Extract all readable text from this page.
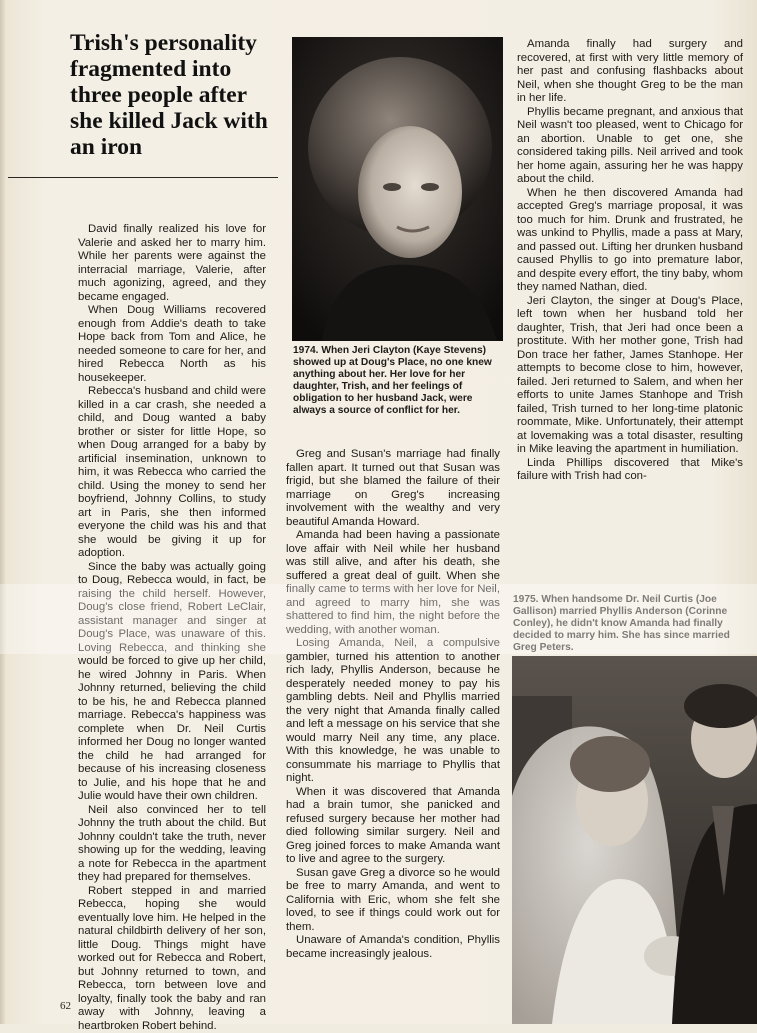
Trish's personality fragmented into three people after she killed Jack with an iron

David finally realized his love for Valerie and asked her to marry him. While her parents were against the interracial marriage, Valerie, after much agonizing, agreed, and they became engaged.

When Doug Williams recovered enough from Addie's death to take Hope back from Tom and Alice, he needed someone to care for her, and hired Rebecca North as his housekeeper.

Rebecca's husband and child were killed in a car crash, she needed a child, and Doug wanted a baby brother or sister for little Hope, so when Doug arranged for a baby by artificial insemination, unknown to him, it was Rebecca who carried the child. Using the money to send her boyfriend, Johnny Collins, to study art in Paris, she then informed everyone the child was his and that she would be giving it up for adoption.

Since the baby was actually going to Doug, Rebecca would, in fact, be raising the child herself. However, Doug's close friend, Robert LeClair, assistant manager and singer at Doug's Place, was unaware of this. Loving Rebecca, and thinking she would be forced to give up her child, he wired Johnny in Paris. When Johnny returned, believing the child to be his, he and Rebecca planned marriage. Rebecca's happiness was complete when Dr. Neil Curtis informed her Doug no longer wanted the child he had arranged for because of his increasing closeness to Julie, and his hope that he and Julie would have their own children.

Neil also convinced her to tell Johnny the truth about the child. But Johnny couldn't take the truth, never showing up for the wedding, leaving a note for Rebecca in the apartment they had prepared for themselves.

Robert stepped in and married Rebecca, hoping she would eventually love him. He helped in the natural childbirth delivery of her son, little Doug. Things might have worked out for Rebecca and Robert, but Johnny returned to town, and Rebecca, torn between love and loyalty, finally took the baby and ran away with Johnny, leaving a heartbroken Robert behind.

1974. When Jeri Clayton (Kaye Stevens) showed up at Doug's Place, no one knew anything about her. Her love for her daughter, Trish, and her feelings of obligation to her husband Jack, were always a source of conflict for her.

Greg and Susan's marriage had finally fallen apart. It turned out that Susan was frigid, but she blamed the failure of their marriage on Greg's increasing involvement with the wealthy and very beautiful Amanda Howard.

Amanda had been having a passionate love affair with Neil while her husband was still alive, and after his death, she suffered a great deal of guilt. When she finally came to terms with her love for Neil, and agreed to marry him, she was shattered to find him, the night before the wedding, with another woman.

Losing Amanda, Neil, a compulsive gambler, turned his attention to another rich lady, Phyllis Anderson, because he desperately needed money to pay his gambling debts. Neil and Phyllis married the very night that Amanda finally called and left a message on his service that she would marry Neil any time, any place. With this knowledge, he was unable to consummate his marriage to Phyllis that night.

When it was discovered that Amanda had a brain tumor, she panicked and refused surgery because her mother had died following similar surgery. Neil and Greg joined forces to make Amanda want to live and agree to the surgery.

Susan gave Greg a divorce so he would be free to marry Amanda, and went to California with Eric, whom she felt she loved, to see if things could work out for them.

Unaware of Amanda's condition, Phyllis became increasingly jealous.

Amanda finally had surgery and recovered, at first with very little memory of her past and confusing flashbacks about Neil, when she thought Greg to be the man in her life.

Phyllis became pregnant, and anxious that Neil wasn't too pleased, went to Chicago for an abortion. Unable to get one, she considered taking pills. Neil arrived and took her home again, assuring her he was happy about the child.

When he then discovered Amanda had accepted Greg's marriage proposal, it was too much for him. Drunk and frustrated, he was unkind to Phyllis, made a pass at Mary, and passed out. Lifting her drunken husband caused Phyllis to go into premature labor, and despite every effort, the tiny baby, whom they named Nathan, died.

Jeri Clayton, the singer at Doug's Place, left town when her husband told her daughter, Trish, that Jeri had once been a prostitute. With her mother gone, Trish had Don trace her father, James Stanhope. Her attempts to become close to him, however, failed. Jeri returned to Salem, and when her efforts to unite James Stanhope and Trish failed, Trish turned to her long-time platonic roommate, Mike. Unfortunately, their attempt at lovemaking was a total disaster, resulting in Mike leaving the apartment in humiliation.

Linda Phillips discovered that Mike's failure with Trish had con-

1975. When handsome Dr. Neil Curtis (Joe Gallison) married Phyllis Anderson (Corinne Conley), he didn't know Amanda had finally decided to marry him. She has since married Greg Peters.
62
